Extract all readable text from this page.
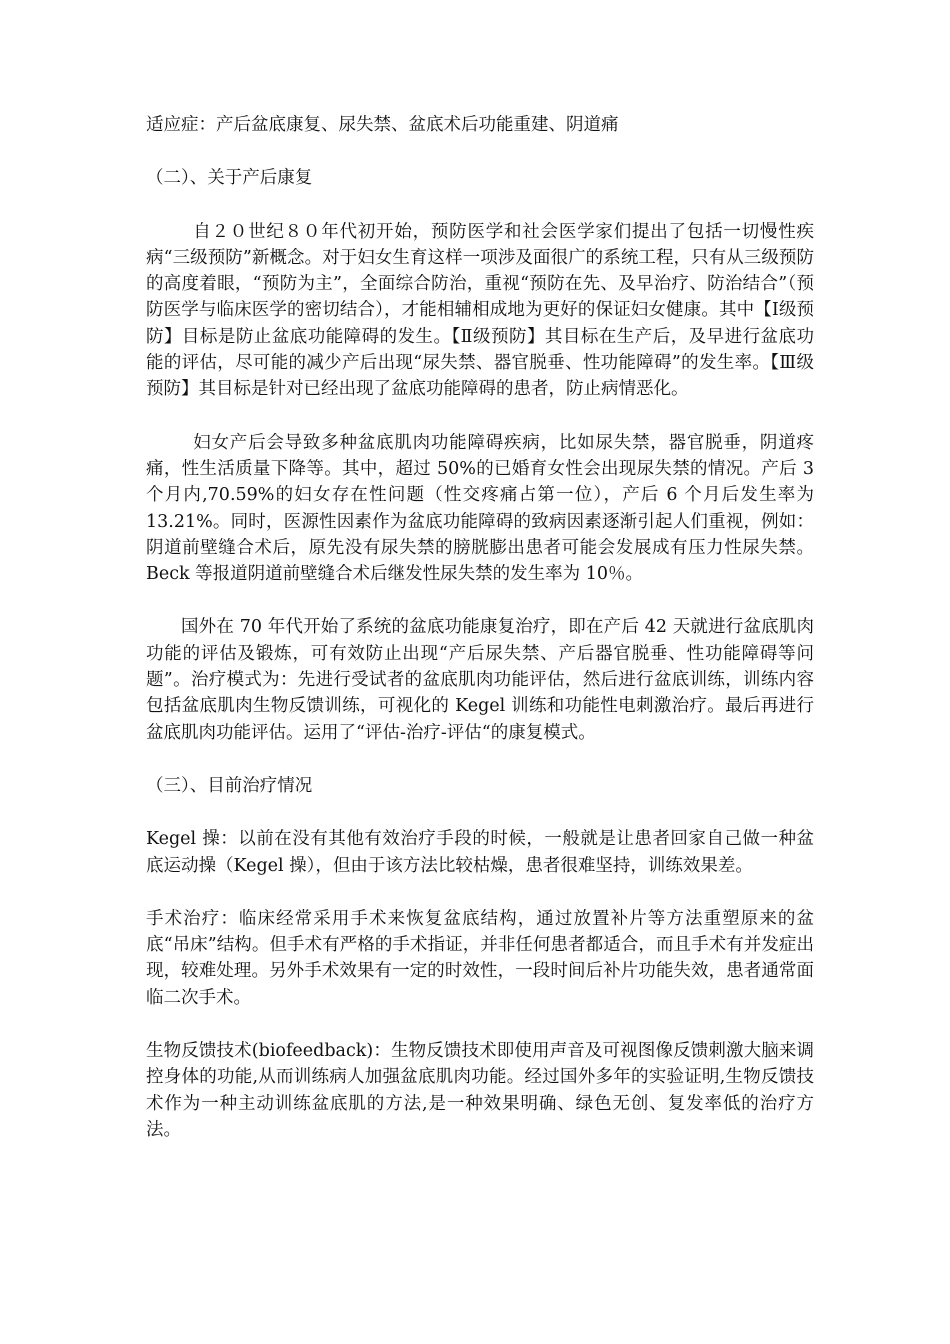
适应症：产后盆底康复、尿失禁、盆底术后功能重建、阴道痛

（二）、关于产后康复

自２０世纪８０年代初开始，预防医学和社会医学家们提出了包括一切慢性疾病“三级预防”新概念。对于妇女生育这样一项涉及面很广的系统工程，只有从三级预防的高度着眼，“预防为主”，全面综合防治，重视“预防在先、及早治疗、防治结合”（预防医学与临床医学的密切结合），才能相辅相成地为更好的保证妇女健康。其中【Ⅰ级预防】目标是防止盆底功能障碍的发生。【Ⅱ级预防】其目标在生产后，及早进行盆底功能的评估，尽可能的减少产后出现“尿失禁、器官脱垂、性功能障碍”的发生率。【Ⅲ级预防】其目标是针对已经出现了盆底功能障碍的患者，防止病情恶化。

妇女产后会导致多种盆底肌肉功能障碍疾病，比如尿失禁，器官脱垂，阴道疼痛，性生活质量下降等。其中，超过 50%的已婚育女性会出现尿失禁的情况。产后 3 个月内,70.59%的妇女存在性问题（性交疼痛占第一位），产后 6 个月后发生率为 13.21%。同时，医源性因素作为盆底功能障碍的致病因素逐渐引起人们重视，例如：阴道前壁缝合术后，原先没有尿失禁的膀胱膨出患者可能会发展成有压力性尿失禁。Beck 等报道阴道前壁缝合术后继发性尿失禁的发生率为 10％。

国外在 70 年代开始了系统的盆底功能康复治疗，即在产后 42 天就进行盆底肌肉功能的评估及锻炼，可有效防止出现“产后尿失禁、产后器官脱垂、性功能障碍等问题”。治疗模式为：先进行受试者的盆底肌肉功能评估，然后进行盆底训练，训练内容包括盆底肌肉生物反馈训练，可视化的 Kegel 训练和功能性电刺激治疗。最后再进行盆底肌肉功能评估。运用了“评估-治疗-评估“的康复模式。

（三）、目前治疗情况

Kegel 操：以前在没有其他有效治疗手段的时候，一般就是让患者回家自己做一种盆底运动操（Kegel 操），但由于该方法比较枯燥，患者很难坚持，训练效果差。

手术治疗：临床经常采用手术来恢复盆底结构，通过放置补片等方法重塑原来的盆底“吊床”结构。但手术有严格的手术指证，并非任何患者都适合，而且手术有并发症出现，较难处理。另外手术效果有一定的时效性，一段时间后补片功能失效，患者通常面临二次手术。

生物反馈技术(biofeedback)：生物反馈技术即使用声音及可视图像反馈刺激大脑来调控身体的功能,从而训练病人加强盆底肌肉功能。经过国外多年的实验证明,生物反馈技术作为一种主动训练盆底肌的方法,是一种效果明确、绿色无创、复发率低的治疗方法。
